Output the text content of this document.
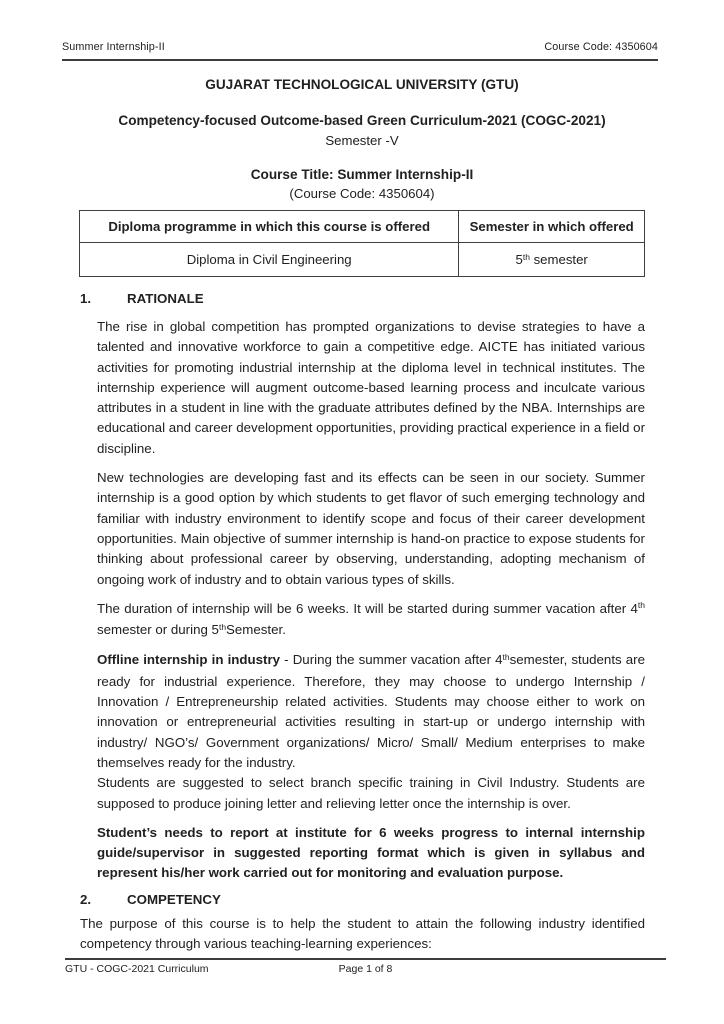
Summer Internship-II	Course Code: 4350604
GUJARAT TECHNOLOGICAL UNIVERSITY (GTU)
Competency-focused Outcome-based Green Curriculum-2021 (COGC-2021)
Semester -V
Course Title: Summer Internship-II
(Course Code: 4350604)
Diploma programme in which this course is offered	Semester in which offered
Diploma in Civil Engineering	5th semester
1.	RATIONALE

The rise in global competition has prompted organizations to devise strategies to have a talented and innovative workforce to gain a competitive edge. AICTE has initiated various activities for promoting industrial internship at the diploma level in technical institutes. The internship experience will augment outcome-based learning process and inculcate various attributes in a student in line with the graduate attributes defined by the NBA. Internships are educational and career development opportunities, providing practical experience in a field or discipline.

New technologies are developing fast and its effects can be seen in our society. Summer internship is a good option by which students to get flavor of such emerging technology and familiar with industry environment to identify scope and focus of their career development opportunities. Main objective of summer internship is hand-on practice to expose students for thinking about professional career by observing, understanding, adopting mechanism of ongoing work of industry and to obtain various types of skills.

The duration of internship will be 6 weeks. It will be started during summer vacation after 4th semester or during 5thSemester.

Offline internship in industry - During the summer vacation after 4thsemester, students are ready for industrial experience. Therefore, they may choose to undergo Internship / Innovation / Entrepreneurship related activities. Students may choose either to work on innovation or entrepreneurial activities resulting in start-up or undergo internship with industry/ NGO’s/ Government organizations/ Micro/ Small/ Medium enterprises to make themselves ready for the industry.

Students are suggested to select branch specific training in Civil Industry. Students are supposed to produce joining letter and relieving letter once the internship is over.

Student’s needs to report at institute for 6 weeks progress to internal internship guide/supervisor in suggested reporting format which is given in syllabus and represent his/her work carried out for monitoring and evaluation purpose.

2.	COMPETENCY

The purpose of this course is to help the student to attain the following industry identified competency through various teaching-learning experiences:

GTU - COGC-2021 Curriculum	Page 1 of 8
